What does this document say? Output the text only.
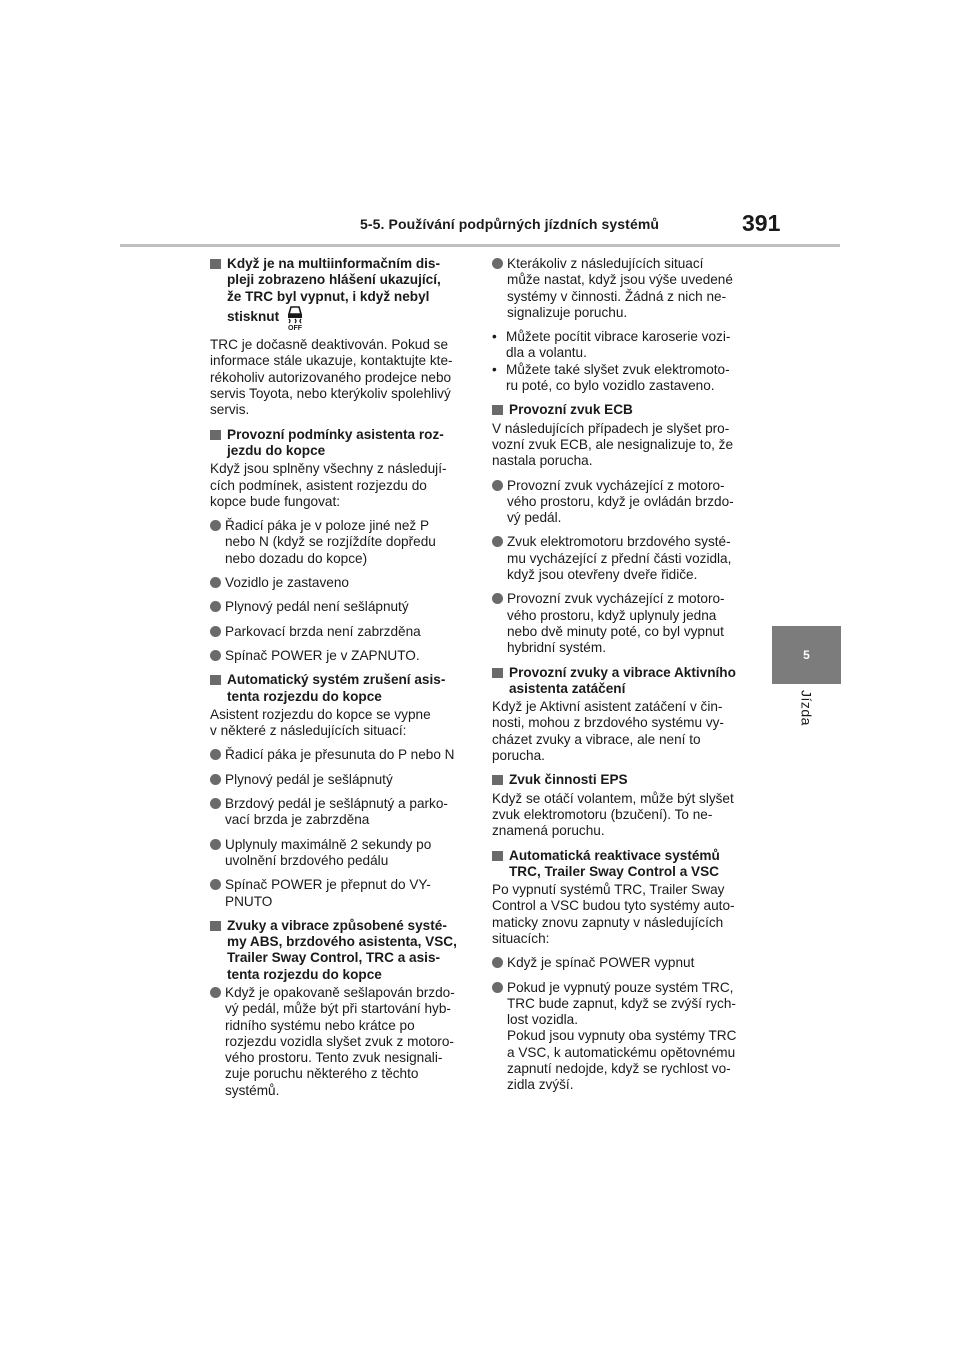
5-5. Používání podpůrných jízdních systémů	391
5
Jízda
Když je na multiinformačním dis-
pleji zobrazeno hlášení ukazující,
že TRC byl vypnut, i když nebyl
stisknut
OFF
TRC je dočasně deaktivován. Pokud se
informace stále ukazuje, kontaktujte kte-
rékoholiv autorizovaného prodejce nebo
servis Toyota, nebo kterýkoliv spolehlivý
servis.
Provozní podmínky asistenta roz-
jezdu do kopce
Když jsou splněny všechny z následují-
cích podmínek, asistent rozjezdu do
kopce bude fungovat:
Řadicí páka je v poloze jiné než P
nebo N (když se rozjíždíte dopředu
nebo dozadu do kopce)
Vozidlo je zastaveno
Plynový pedál není sešlápnutý
Parkovací brzda není zabrzděna
Spínač POWER je v ZAPNUTO.
Automatický systém zrušení asis-
tenta rozjezdu do kopce
Asistent rozjezdu do kopce se vypne
v některé z následujících situací:
Řadicí páka je přesunuta do P nebo N
Plynový pedál je sešlápnutý
Brzdový pedál je sešlápnutý a parko-
vací brzda je zabrzděna
Uplynuly maximálně 2 sekundy po
uvolnění brzdového pedálu
Spínač POWER je přepnut do VY-
PNUTO
Zvuky a vibrace způsobené systé-
my ABS, brzdového asistenta, VSC,
Trailer Sway Control, TRC a asis-
tenta rozjezdu do kopce
Když je opakovaně sešlapován brzdo-
vý pedál, může být při startování hyb-
ridního systému nebo krátce po
rozjezdu vozidla slyšet zvuk z motoro-
vého prostoru. Tento zvuk nesignali-
zuje poruchu některého z těchto
systémů.
Kterákoliv z následujících situací
může nastat, když jsou výše uvedené
systémy v činnosti. Žádná z nich ne-
signalizuje poruchu.
• Můžete pocítit vibrace karoserie vozi-
dla a volantu.
• Můžete také slyšet zvuk elektromoto-
ru poté, co bylo vozidlo zastaveno.
Provozní zvuk ECB
V následujících případech je slyšet pro-
vozní zvuk ECB, ale nesignalizuje to, že
nastala porucha.
Provozní zvuk vycházející z motoro-
vého prostoru, když je ovládán brzdo-
vý pedál.
Zvuk elektromotoru brzdového systé-
mu vycházející z přední části vozidla,
když jsou otevřeny dveře řidiče.
Provozní zvuk vycházející z motoro-
vého prostoru, když uplynuly jedna
nebo dvě minuty poté, co byl vypnut
hybridní systém.
Provozní zvuky a vibrace Aktivního
asistenta zatáčení
Když je Aktivní asistent zatáčení v čin-
nosti, mohou z brzdového systému vy-
cházet zvuky a vibrace, ale není to
porucha.
Zvuk činnosti EPS
Když se otáčí volantem, může být slyšet
zvuk elektromotoru (bzučení). To ne-
znamená poruchu.
Automatická reaktivace systémů
TRC, Trailer Sway Control a VSC
Po vypnutí systémů TRC, Trailer Sway
Control a VSC budou tyto systémy auto-
maticky znovu zapnuty v následujících
situacích:
Když je spínač POWER vypnut
Pokud je vypnutý pouze systém TRC,
TRC bude zapnut, když se zvýší rych-
lost vozidla.
Pokud jsou vypnuty oba systémy TRC
a VSC, k automatickému opětovnému
zapnutí nedojde, když se rychlost vo-
zidla zvýší.
